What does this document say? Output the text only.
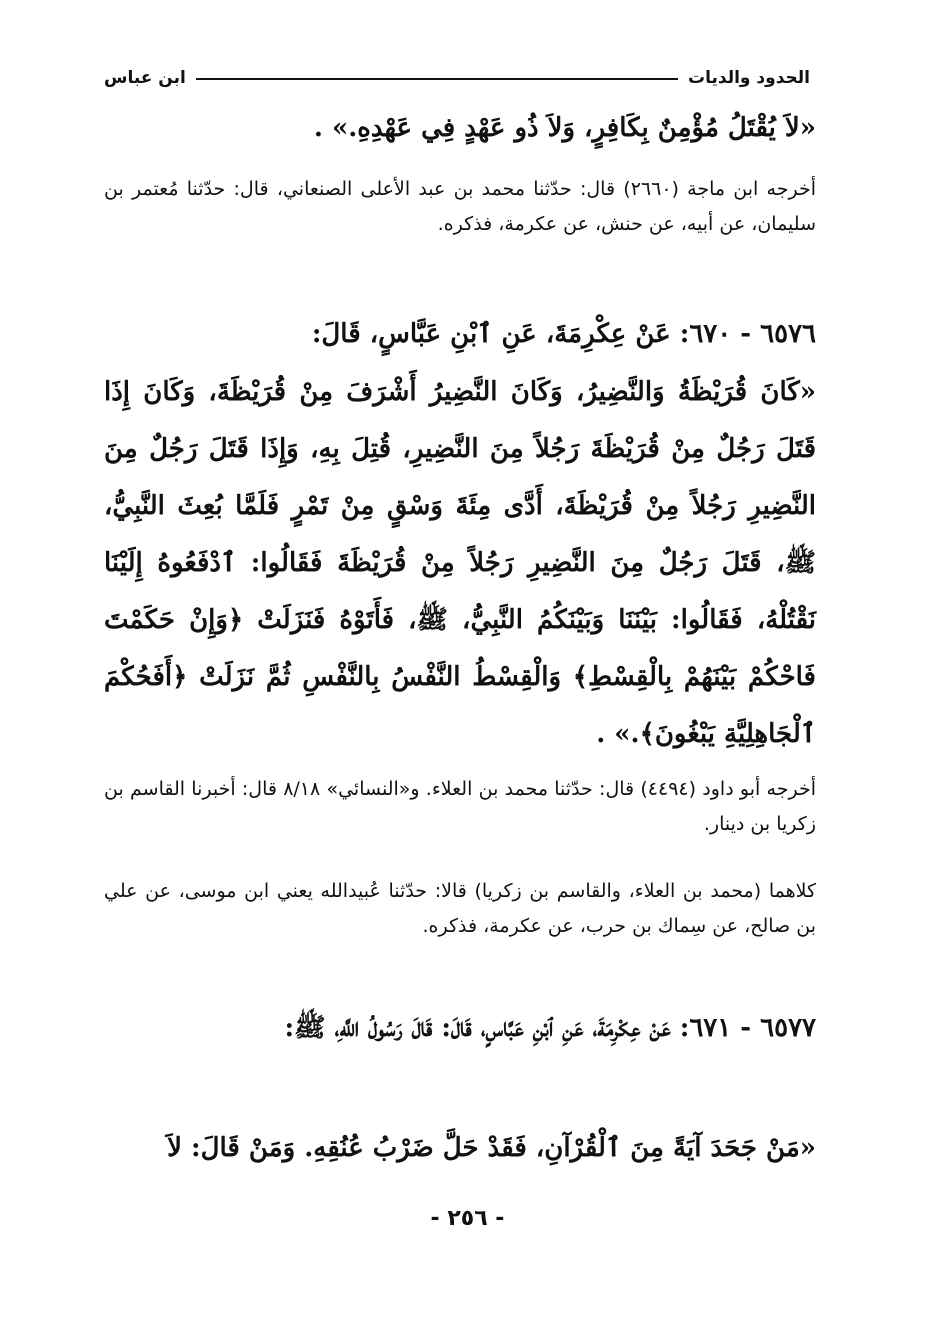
الحدود والديات
ابن عباس
«لاَ يُقْتَلُ مُؤْمِنٌ بِكَافِرٍ، وَلاَ ذُو عَهْدٍ فِي عَهْدِهِ.» .
أخرجه ابن ماجة (٢٦٦٠) قال: حدّثنا محمد بن عبد الأعلى الصنعاني، قال: حدّثنا مُعتمر بن سليمان، عن أبيه، عن حنش، عن عكرمة، فذكره.
٦٥٧٦ - ٦٧٠: عَنْ عِكْرِمَةَ، عَنِ ٱبْنِ عَبَّاسٍ، قَالَ:
«كَانَ قُرَيْظَةُ وَالنَّضِيرُ، وَكَانَ النَّضِيرُ أَشْرَفَ مِنْ قُرَيْظَةَ، وَكَانَ إِذَا قَتَلَ رَجُلٌ مِنْ قُرَيْظَةَ رَجُلاً مِنَ النَّضِيرِ، قُتِلَ بِهِ، وَإِذَا قَتَلَ رَجُلٌ مِنَ النَّضِيرِ رَجُلاً مِنْ قُرَيْظَةَ، أَدَّى مِئَةَ وَسْقٍ مِنْ تَمْرٍ فَلَمَّا بُعِثَ النَّبِيُّ، ﷺ، قَتَلَ رَجُلٌ مِنَ النَّضِيرِ رَجُلاً مِنْ قُرَيْظَةَ فَقَالُوا: ٱدْفَعُوهُ إِلَيْنَا نَقْتُلْهُ، فَقَالُوا: بَيْنَنَا وَبَيْنَكُمُ النَّبِيُّ، ﷺ، فَأَتَوْهُ فَنَزَلَتْ ﴿وَإِنْ حَكَمْتَ فَاحْكُمْ بَيْنَهُمْ بِالْقِسْطِ﴾ وَالْقِسْطُ النَّفْسُ بِالنَّفْسِ ثُمَّ نَزَلَتْ ﴿أَفَحُكْمَ ٱلْجَاهِلِيَّةِ يَبْغُونَ﴾.» .
أخرجه أبو داود (٤٤٩٤) قال: حدّثنا محمد بن العلاء. و«النسائي» ٨/١٨ قال: أخبرنا القاسم بن زكريا بن دينار.
كلاهما (محمد بن العلاء، والقاسم بن زكريا) قالا: حدّثنا عُبيدالله يعني ابن موسى، عن علي بن صالح، عن سِماك بن حرب، عن عكرمة، فذكره.
٦٥٧٧ - ٦٧١: عَنْ عِكْرِمَةَ، عَنِ ٱبْنِ عَبَّاسٍ، قَالَ: قَالَ رَسُولُ اللَّهِ، ﷺ:
«مَنْ جَحَدَ آيَةً مِنَ ٱلْقُرْآنِ، فَقَدْ حَلَّ ضَرْبُ عُنُقِهِ. وَمَنْ قَالَ: لاَ
- ٢٥٦ -
